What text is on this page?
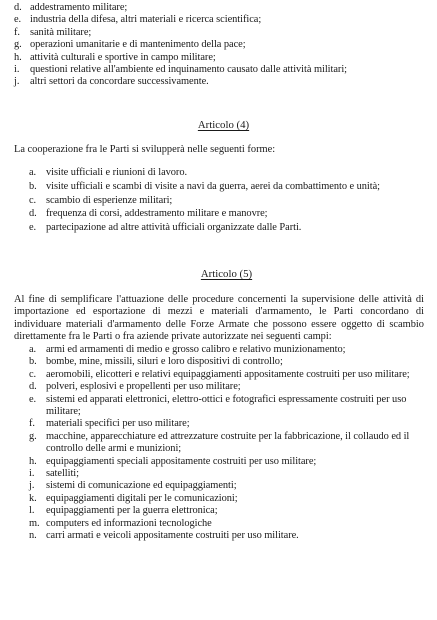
d. addestramento militare;
e. industria della difesa, altri materiali e ricerca scientifica;
f. sanità militare;
g. operazioni umanitarie e di mantenimento della pace;
h. attività culturali e sportive in campo militare;
i.	questioni relative all'ambiente ed inquinamento causato dalle attività militari;
j.	altri settori da concordare successivamente.
Articolo (4)
La cooperazione fra le Parti si svilupperà nelle seguenti forme:
a. visite ufficiali e riunioni di lavoro.
b. visite ufficiali e scambi di visite a navi da guerra, aerei da combattimento e unità;
c. scambio di esperienze militari;
d. frequenza di corsi, addestramento militare e manovre;
e. partecipazione ad altre attività ufficiali organizzate dalle Parti.
Articolo (5)
Al fine di semplificare l'attuazione delle procedure concernenti la supervisione delle attività di importazione ed esportazione di mezzi e materiali d'armamento, le Parti concordano di individuare materiali d'armamento delle Forze Armate che possono essere oggetto di scambio direttamente fra le Parti o fra aziende private autorizzate nei seguenti campi:
a. armi ed armamenti di medio e grosso calibro e relativo munizionamento;
b. bombe, mine, missili, siluri e loro dispositivi di controllo;
c. aeromobili, elicotteri e relativi equipaggiamenti appositamente costruiti per uso militare;
d. polveri, esplosivi e propellenti per uso militare;
e. sistemi ed apparati elettronici, elettro-ottici e fotografici espressamente costruiti per uso militare;
f.	materiali specifici per uso militare;
g. macchine, apparecchiature ed attrezzature costruite per la fabbricazione, il collaudo ed il controllo delle armi e munizioni;
h. equipaggiamenti speciali appositamente costruiti per uso militare;
i.	satelliti;
j.	sistemi di comunicazione ed equipaggiamenti;
k. equipaggiamenti digitali per le comunicazioni;
l.	equipaggiamenti per la guerra elettronica;
m. computers ed informazioni tecnologiche
n. carri armati e veicoli appositamente costruiti per uso militare.
